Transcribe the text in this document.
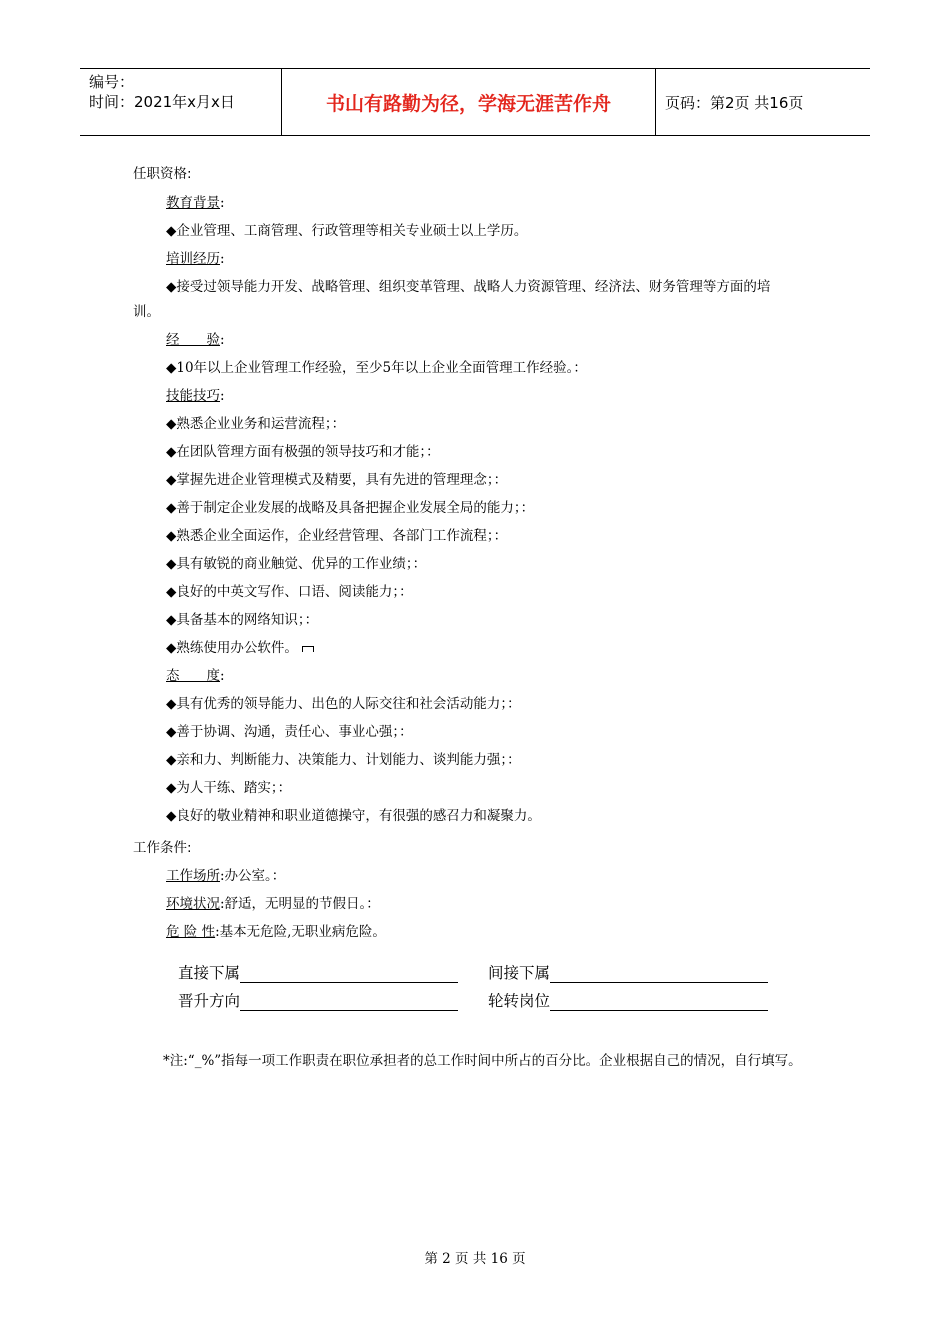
编号：
时间：2021年x月x日	书山有路勤为径，学海无涯苦作舟	页码：第2页 共16页
任职资格:
教育背景:
◆企业管理、工商管理、行政管理等相关专业硕士以上学历。
培训经历:
◆接受过领导能力开发、战略管理、组织变革管理、战略人力资源管理、经济法、财务管理等方面的培
训。
经　　验:
◆10年以上企业管理工作经验，至少5年以上企业全面管理工作经验。：
技能技巧:
◆熟悉企业业务和运营流程；：
◆在团队管理方面有极强的领导技巧和才能；：
◆掌握先进企业管理模式及精要，具有先进的管理理念；：
◆善于制定企业发展的战略及具备把握企业发展全局的能力；：
◆熟悉企业全面运作，企业经营管理、各部门工作流程；：
◆具有敏锐的商业触觉、优异的工作业绩；：
◆良好的中英文写作、口语、阅读能力；：
◆具备基本的网络知识；：
◆熟练使用办公软件。
态　　度:
◆具有优秀的领导能力、出色的人际交往和社会活动能力；：
◆善于协调、沟通，责任心、事业心强；：
◆亲和力、判断能力、决策能力、计划能力、谈判能力强；：
◆为人干练、踏实；：
◆良好的敬业精神和职业道德操守，有很强的感召力和凝聚力。
工作条件:
工作场所:办公室。：
环境状况:舒适，无明显的节假日。：
危 险 性:基本无危险,无职业病危险。
直接下属	间接下属
晋升方向	轮转岗位
*注:“_%”指每一项工作职责在职位承担者的总工作时间中所占的百分比。企业根据自己的情况，自行填写。
第 2 页 共 16 页
